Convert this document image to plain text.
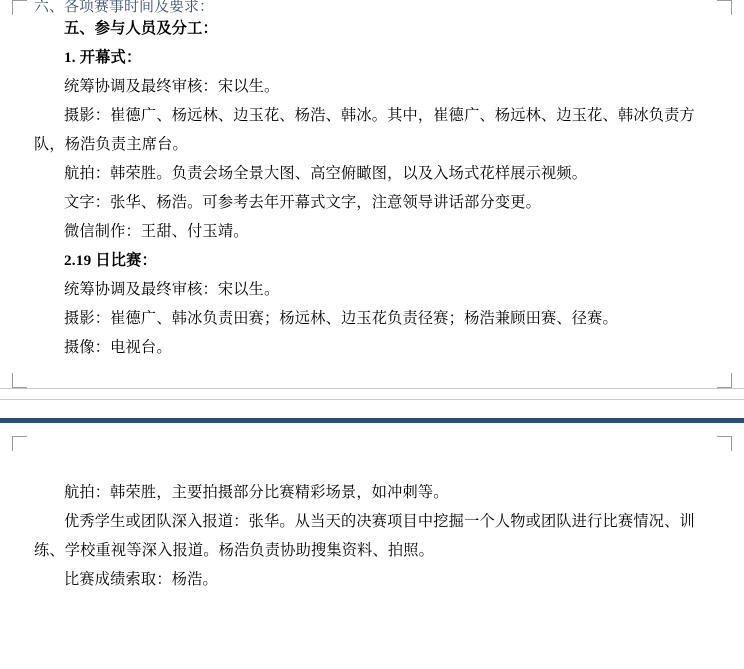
六、各项赛事时间及要求：

五、参与人员及分工：

1. 开幕式：

统筹协调及最终审核：宋以生。

摄影：崔德广、杨远林、边玉花、杨浩、韩冰。其中，崔德广、杨远林、边玉花、韩冰负责方队，杨浩负责主席台。

航拍：韩荣胜。负责会场全景大图、高空俯瞰图，以及入场式花样展示视频。

文字：张华、杨浩。可参考去年开幕式文字，注意领导讲话部分变更。

微信制作：王甜、付玉靖。

2.19 日比赛：

统筹协调及最终审核：宋以生。

摄影：崔德广、韩冰负责田赛；杨远林、边玉花负责径赛；杨浩兼顾田赛、径赛。

摄像：电视台。

航拍：韩荣胜，主要拍摄部分比赛精彩场景，如冲刺等。

优秀学生或团队深入报道：张华。从当天的决赛项目中挖掘一个人物或团队进行比赛情况、训练、学校重视等深入报道。杨浩负责协助搜集资料、拍照。

比赛成绩索取：杨浩。
